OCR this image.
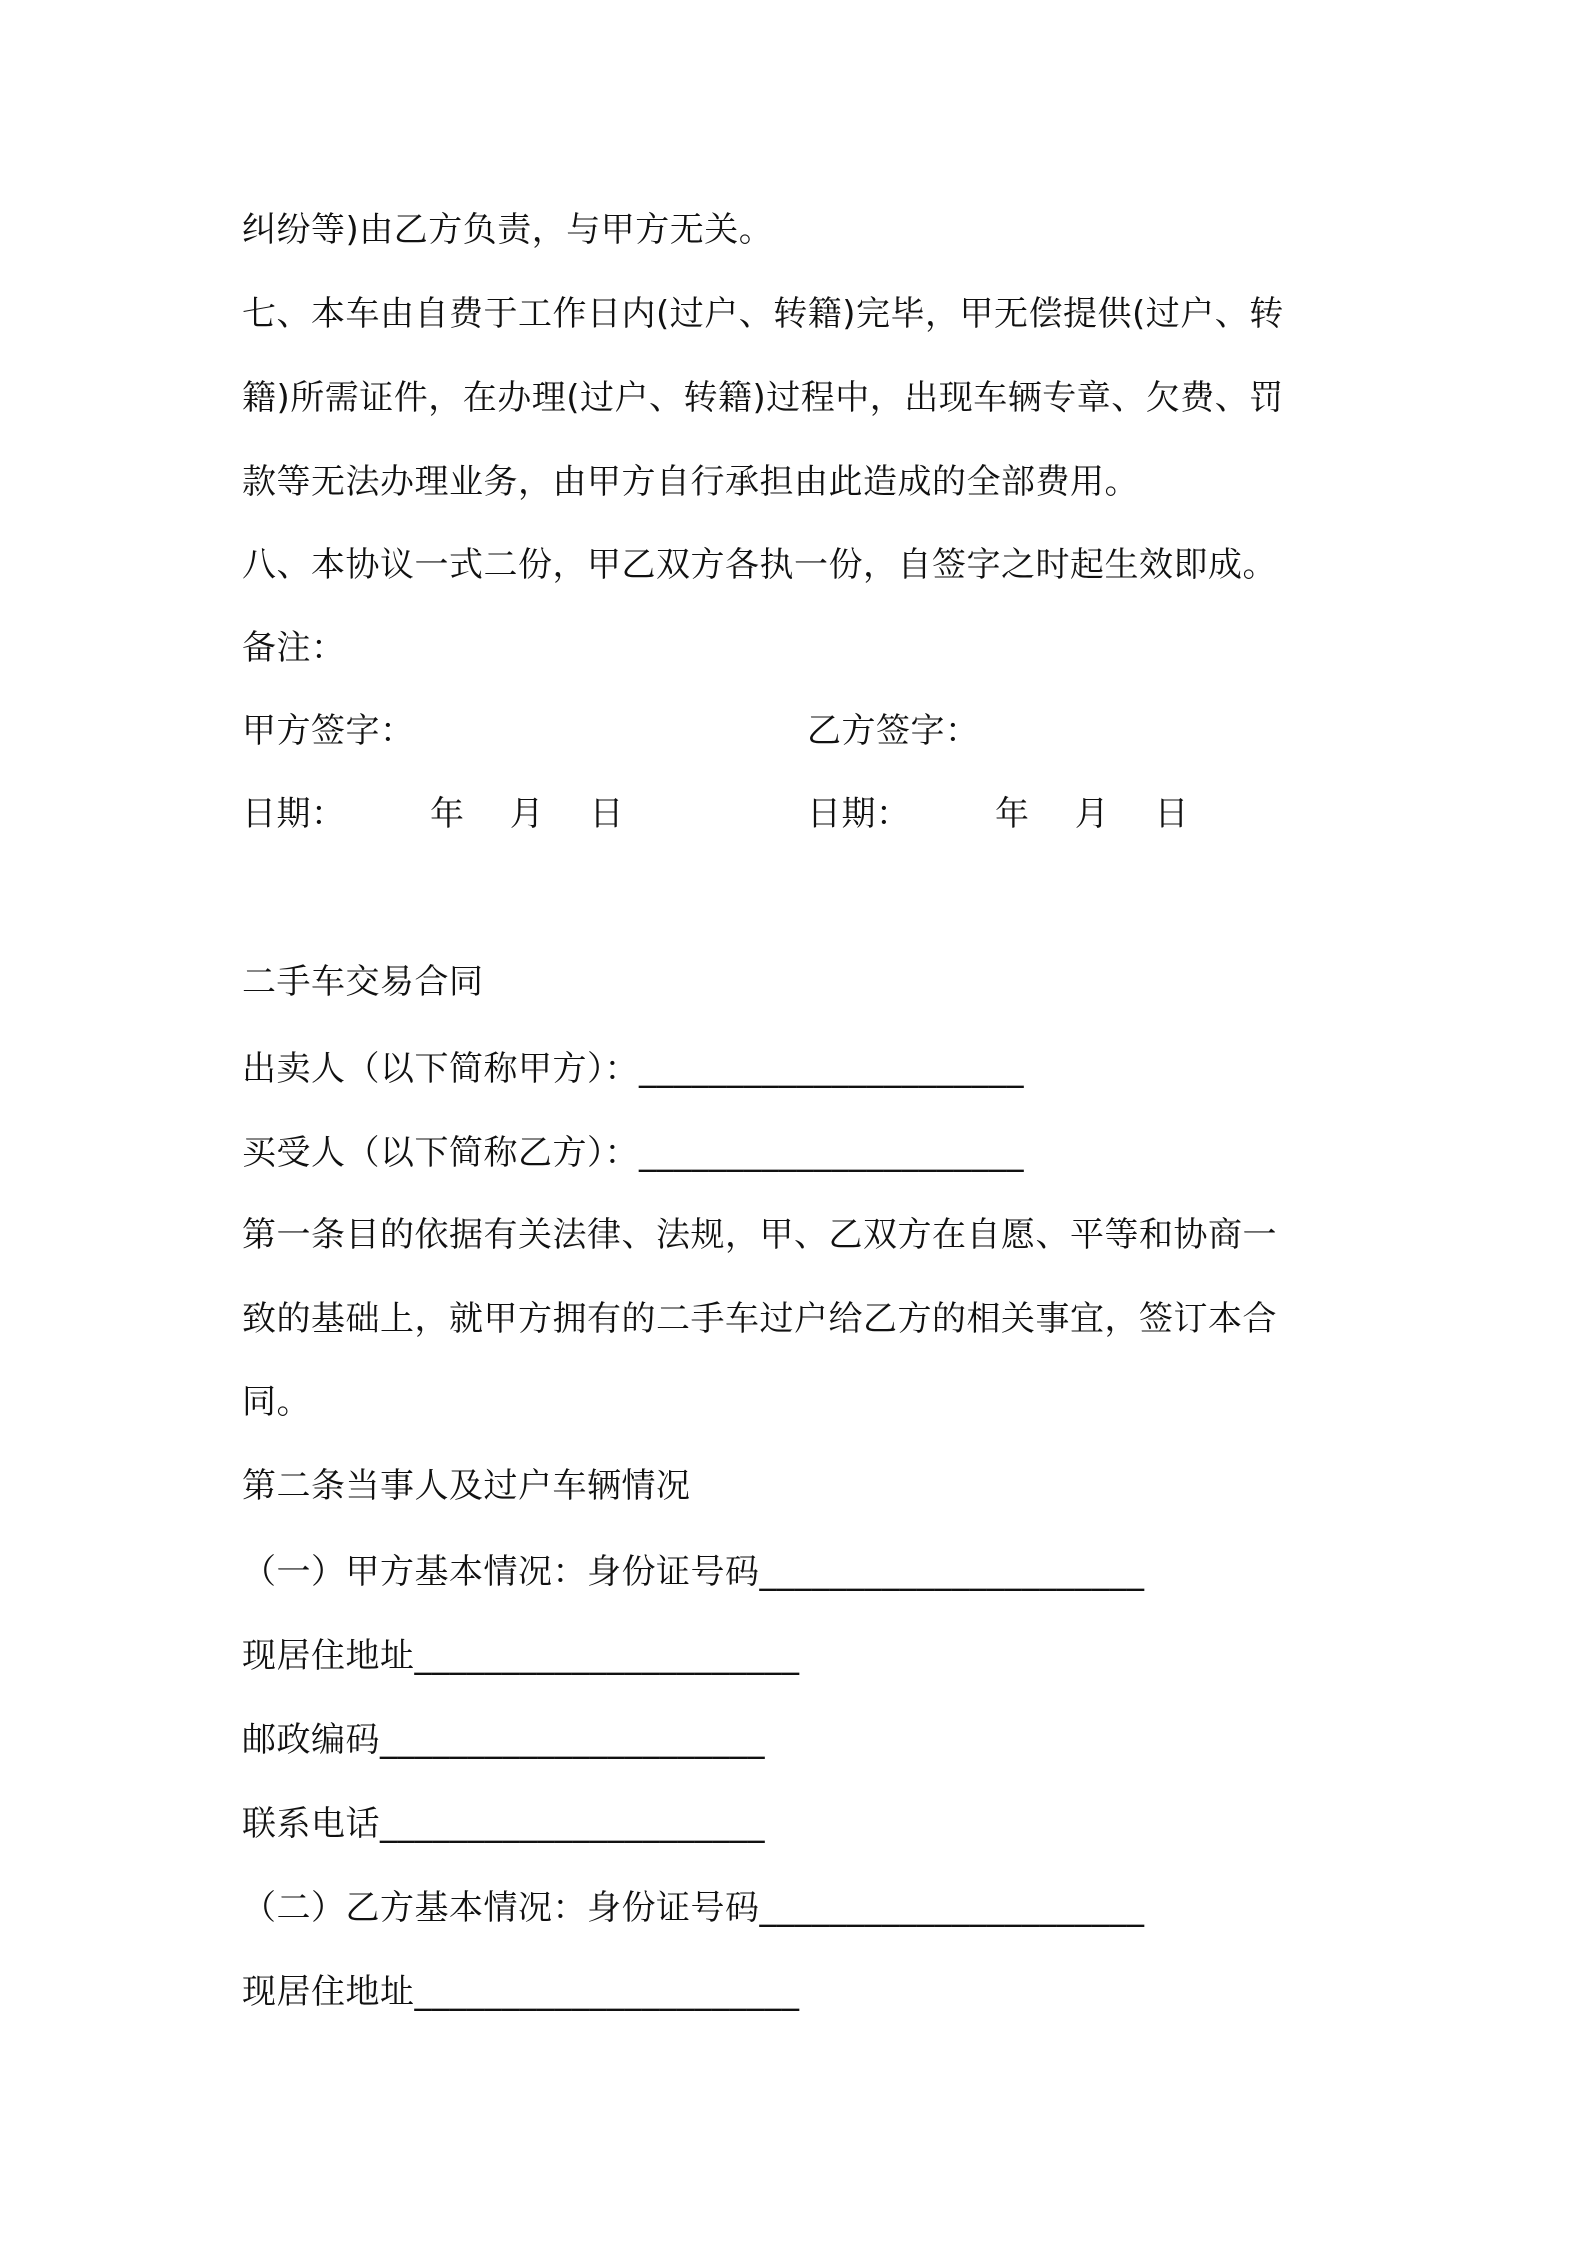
纠纷等)由乙方负责，与甲方无关。
七、本车由自费于工作日内(过户、转籍)完毕，甲无偿提供(过户、转
籍)所需证件，在办理(过户、转籍)过程中，出现车辆专章、欠费、罚
款等无法办理业务，由甲方自行承担由此造成的全部费用。
八、本协议一式二份，甲乙双方各执一份，自签字之时起生效即成。
备注：
甲方签字：	乙方签字：
日期： 年    月    日	日期： 年    月    日
二手车交易合同
出卖人（以下简称甲方）：______________________
买受人（以下简称乙方）：______________________
第一条目的依据有关法律、法规，甲、乙双方在自愿、平等和协商一
致的基础上，就甲方拥有的二手车过户给乙方的相关事宜，签订本合
同。
第二条当事人及过户车辆情况
（一）甲方基本情况：身份证号码______________________
现居住地址______________________
邮政编码______________________
联系电话______________________
（二）乙方基本情况：身份证号码______________________
现居住地址______________________
